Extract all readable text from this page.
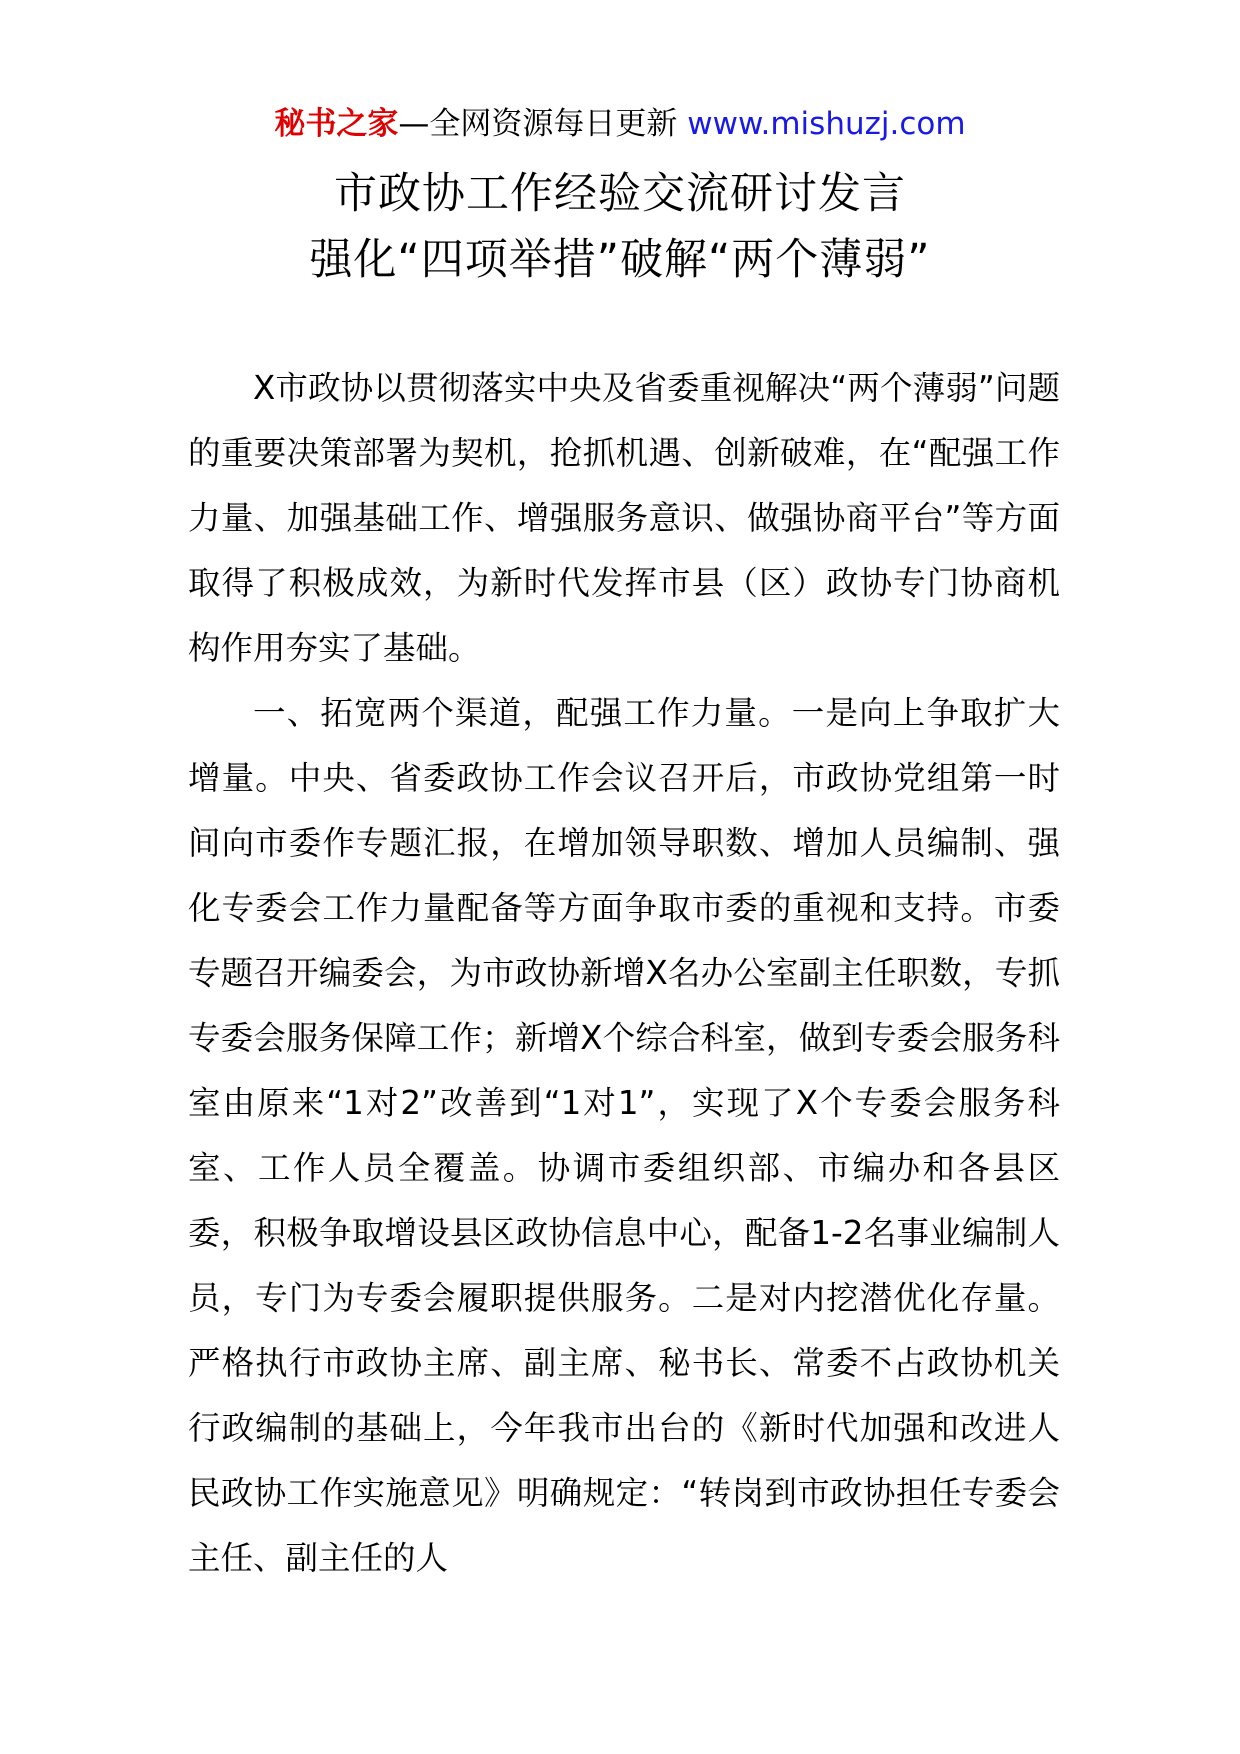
秘书之家—全网资源每日更新 www.mishuzj.com
市政协工作经验交流研讨发言
强化“四项举措”破解“两个薄弱”

X市政协以贯彻落实中央及省委重视解决“两个薄弱”问题的重要决策部署为契机，抢抓机遇、创新破难，在“配强工作力量、加强基础工作、增强服务意识、做强协商平台”等方面取得了积极成效，为新时代发挥市县（区）政协专门协商机构作用夯实了基础。

一、拓宽两个渠道，配强工作力量。一是向上争取扩大增量。中央、省委政协工作会议召开后，市政协党组第一时间向市委作专题汇报，在增加领导职数、增加人员编制、强化专委会工作力量配备等方面争取市委的重视和支持。市委专题召开编委会，为市政协新增X名办公室副主任职数，专抓专委会服务保障工作；新增X个综合科室，做到专委会服务科室由原来“1对2”改善到“1对1”，实现了X个专委会服务科室、工作人员全覆盖。协调市委组织部、市编办和各县区委，积极争取增设县区政协信息中心，配备1-2名事业编制人员，专门为专委会履职提供服务。二是对内挖潜优化存量。严格执行市政协主席、副主席、秘书长、常委不占政协机关行政编制的基础上，今年我市出台的《新时代加强和改进人民政协工作实施意见》明确规定：“转岗到市政协担任专委会主任、副主任的人
